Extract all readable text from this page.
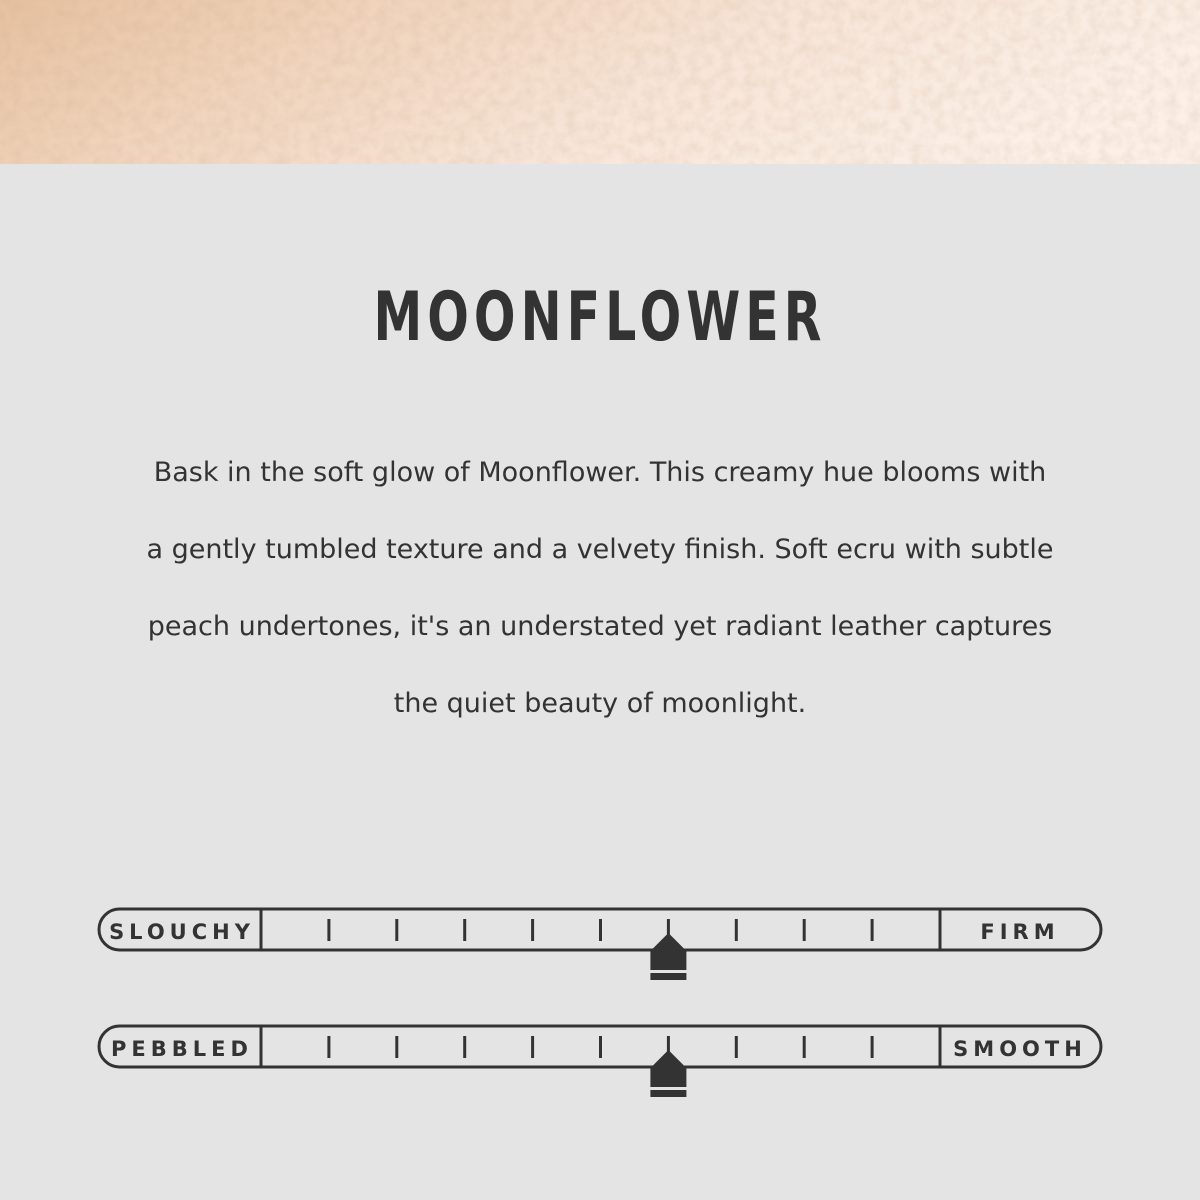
MOONFLOWER

Bask in the soft glow of Moonflower. This creamy hue blooms with
a gently tumbled texture and a velvety finish. Soft ecru with subtle
peach undertones, it's an understated yet radiant leather captures
the quiet beauty of moonlight.

SLOUCHY	FIRM
PEBBLED	SMOOTH
